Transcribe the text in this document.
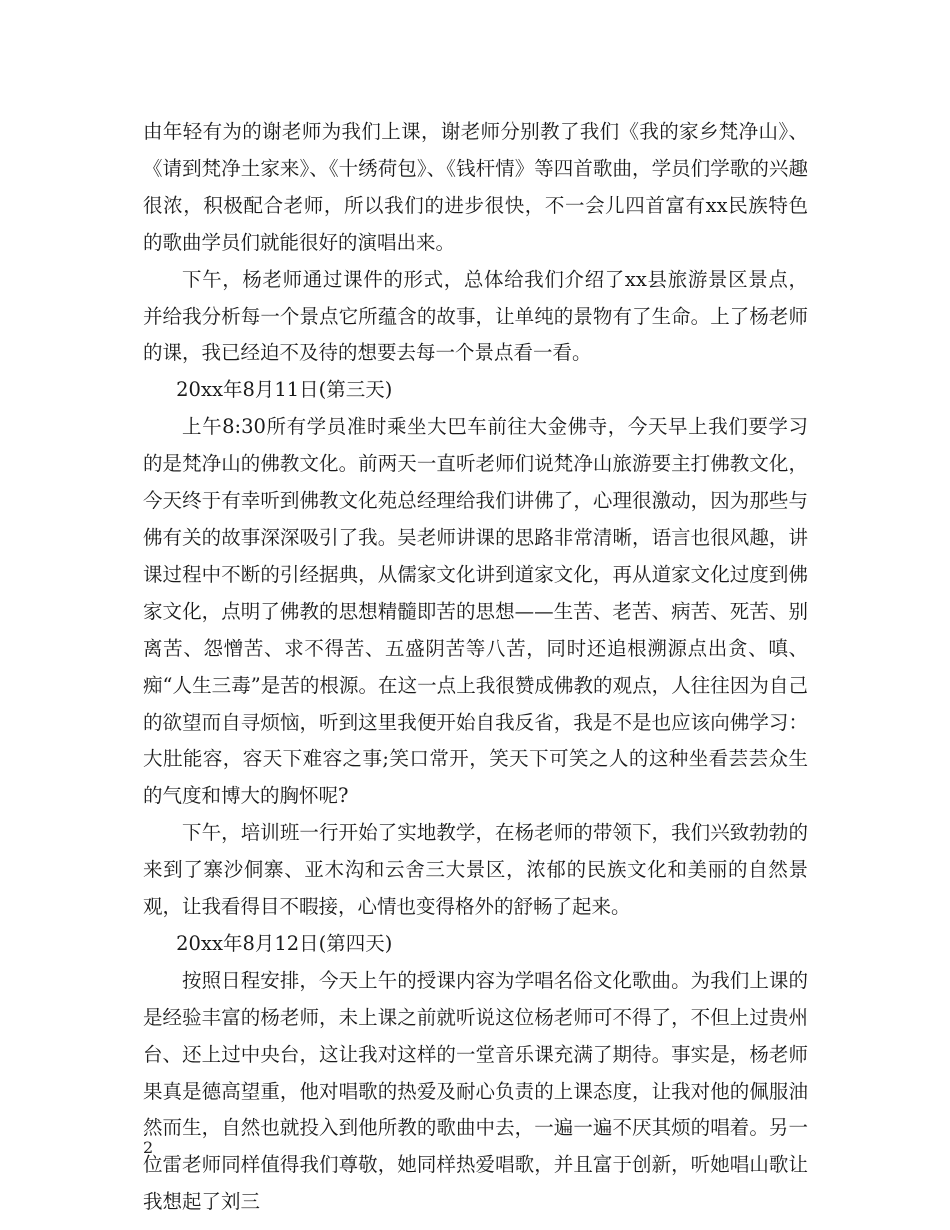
由年轻有为的谢老师为我们上课，谢老师分别教了我们《我的家乡梵净山》、《请到梵净土家来》、《十绣荷包》、《钱杆情》等四首歌曲，学员们学歌的兴趣很浓，积极配合老师，所以我们的进步很快，不一会儿四首富有xx民族特色的歌曲学员们就能很好的演唱出来。

下午，杨老师通过课件的形式，总体给我们介绍了xx县旅游景区景点，并给我分析每一个景点它所蕴含的故事，让单纯的景物有了生命。上了杨老师的课，我已经迫不及待的想要去每一个景点看一看。

20xx年8月11日(第三天)

上午8:30所有学员准时乘坐大巴车前往大金佛寺，今天早上我们要学习的是梵净山的佛教文化。前两天一直听老师们说梵净山旅游要主打佛教文化，今天终于有幸听到佛教文化苑总经理给我们讲佛了，心理很激动，因为那些与佛有关的故事深深吸引了我。吴老师讲课的思路非常清晰，语言也很风趣，讲课过程中不断的引经据典，从儒家文化讲到道家文化，再从道家文化过度到佛家文化，点明了佛教的思想精髓即苦的思想——生苦、老苦、病苦、死苦、别离苦、怨憎苦、求不得苦、五盛阴苦等八苦，同时还追根溯源点出贪、嗔、痴“人生三毒”是苦的根源。在这一点上我很赞成佛教的观点，人往往因为自己的欲望而自寻烦恼，听到这里我便开始自我反省，我是不是也应该向佛学习：大肚能容，容天下难容之事;笑口常开，笑天下可笑之人的这种坐看芸芸众生的气度和博大的胸怀呢?

下午，培训班一行开始了实地教学，在杨老师的带领下，我们兴致勃勃的来到了寨沙侗寨、亚木沟和云舍三大景区，浓郁的民族文化和美丽的自然景观，让我看得目不暇接，心情也变得格外的舒畅了起来。

20xx年8月12日(第四天)

按照日程安排，今天上午的授课内容为学唱名俗文化歌曲。为我们上课的是经验丰富的杨老师，未上课之前就听说这位杨老师可不得了，不但上过贵州台、还上过中央台，这让我对这样的一堂音乐课充满了期待。事实是，杨老师果真是德高望重，他对唱歌的热爱及耐心负责的上课态度，让我对他的佩服油然而生，自然也就投入到他所教的歌曲中去，一遍一遍不厌其烦的唱着。另一位雷老师同样值得我们尊敬，她同样热爱唱歌，并且富于创新，听她唱山歌让我想起了刘三

2
